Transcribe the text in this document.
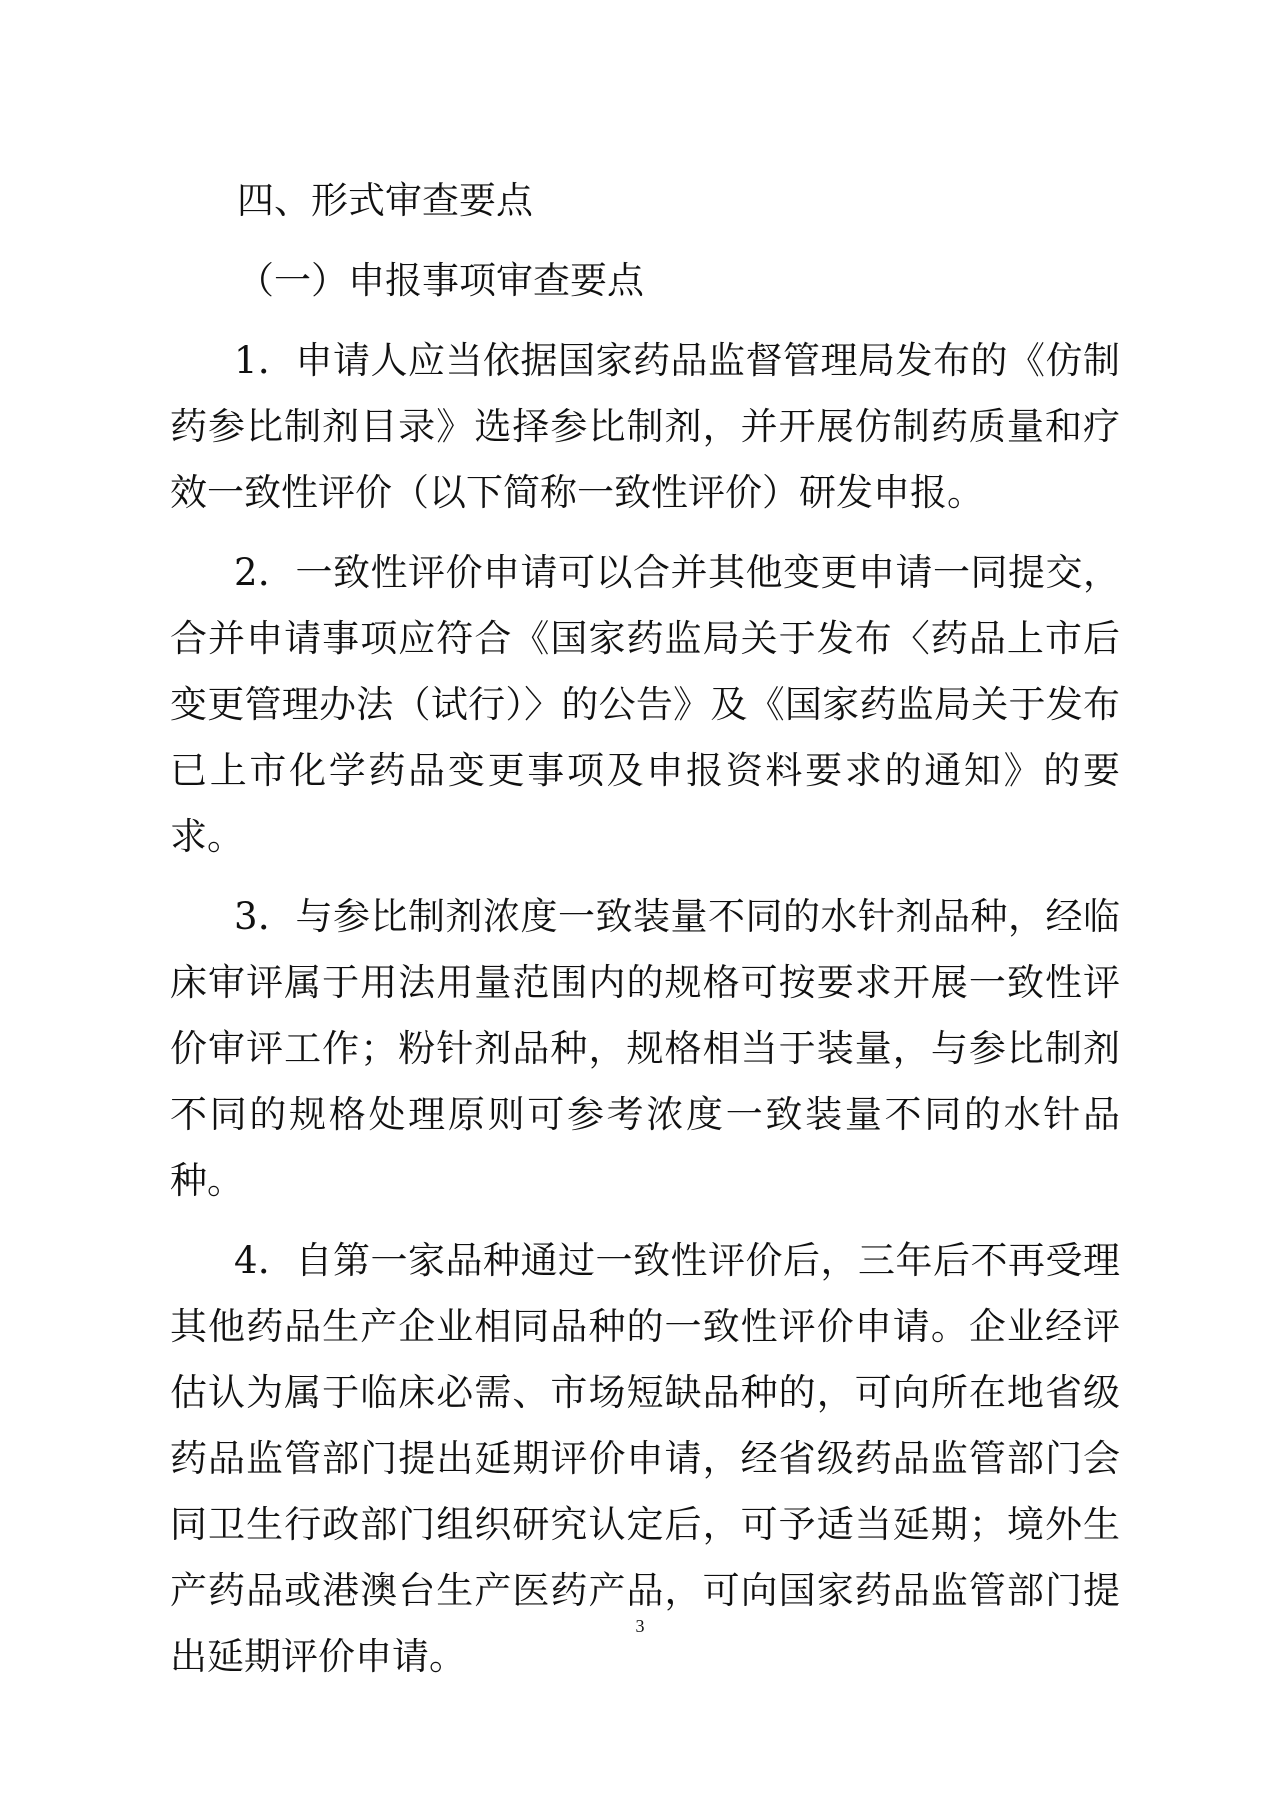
四、形式审查要点

（一）申报事项审查要点

1．申请人应当依据国家药品监督管理局发布的《仿制药参比制剂目录》选择参比制剂，并开展仿制药质量和疗效一致性评价（以下简称一致性评价）研发申报。

2．一致性评价申请可以合并其他变更申请一同提交，合并申请事项应符合《国家药监局关于发布〈药品上市后变更管理办法（试行）〉的公告》及《国家药监局关于发布已上市化学药品变更事项及申报资料要求的通知》的要求。

3．与参比制剂浓度一致装量不同的水针剂品种，经临床审评属于用法用量范围内的规格可按要求开展一致性评价审评工作；粉针剂品种，规格相当于装量，与参比制剂不同的规格处理原则可参考浓度一致装量不同的水针品种。

4．自第一家品种通过一致性评价后，三年后不再受理其他药品生产企业相同品种的一致性评价申请。企业经评估认为属于临床必需、市场短缺品种的，可向所在地省级药品监管部门提出延期评价申请，经省级药品监管部门会同卫生行政部门组织研究认定后，可予适当延期；境外生产药品或港澳台生产医药产品，可向国家药品监管部门提出延期评价申请。

3
